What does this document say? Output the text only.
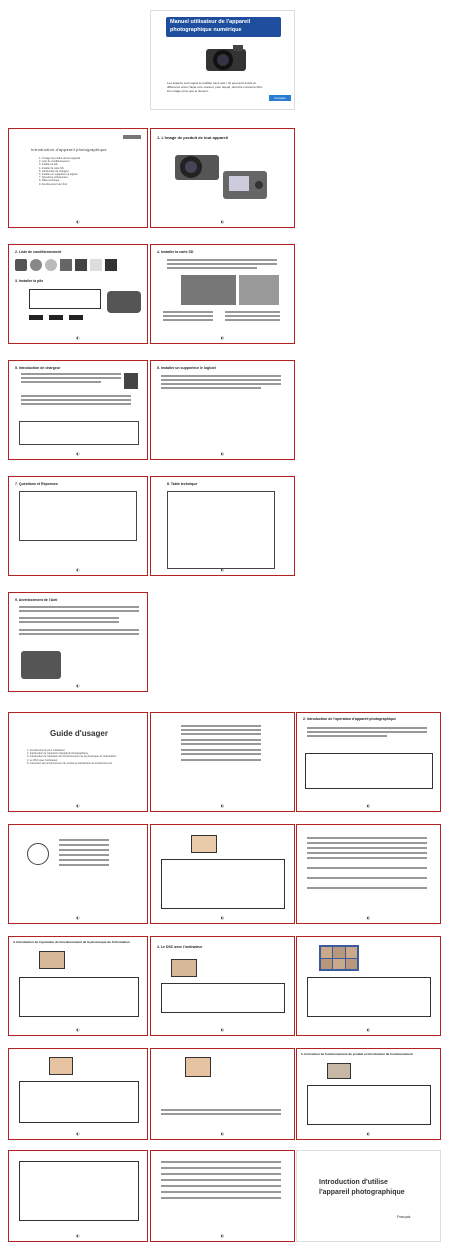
Manuel utilisateur de l'appareil
photographique numérique
Les aspects sont sujets à modifier sans avis ! Ils peut qu'il existe la différence entre l'objet et le manuel, pour lequel, doit être concerné libre lors usage privé que le devenir.
Français
Introduction d'appareil photographique
1. L'image de produit de tout appareil
2. Liste de conditionnement
3. Installer la pile
4. Installer la carte SD
5. Introduction de chargeur
6. Installer un supporteur le logiciel
7. Questions et Réponses
8. Table technique
9. Avertissement de l'Anti
◐
1. L'image de produit de tout appareil
◐
2. Liste de conditionnement
3. Installer la pile
◐
4. Installer la carte SD
◐
5. Introduction de chargeur
◐
6. Installer un supporteur le logiciel
◐
7. Questions et Réponses
◐
8. Table technique
◐
9. Avertissement de l'Anti
◐
Guide d'usager
1. Avertissements pour l'utilisateur
2. Introduction de l'opération d'appareil photographique
3. Introduction de l'opération de fonctionnement de la photocopie de l'information
4. Le DSC avec l'ordinateur
5. Instruction de fonctionnement du produit et introduction de fonctionnement
◐	◐
2. Introduction de l'opération d'appareil photographique
◐
◐	◐	◐
3. Introduction de l'opération de fonctionnement de la photocopie de l'information
◐
4. Le DSC avec l'ordinateur
◐	◐
◐	◐
5. Instruction de fonctionnement du produit et introduction de fonctionnement
◐
◐	◐
Introduction d'utilise
l'appareil photographique
Français
